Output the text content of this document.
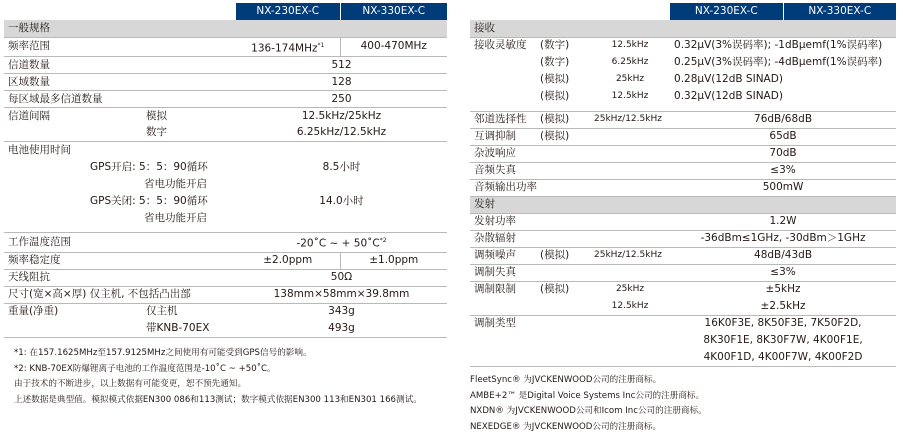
		NX-230EX-C	NX-330EX-C
一般规格			
频率范围		136-174MHz$^{*1}$	400-470MHz
信道数量		512	
区域数量		128	
每区域最多信道数量		250	
信道间隔	模拟	12.5kHz/25kHz	
	数字	6.25kHz/12.5kHz	
电池使用时间			
GPS开启: 5：5：90循环		8.5小时	
省电功能开启			
GPS关闭: 5：5：90循环		14.0小时	
省电功能开启			

工作温度范围		-20˚C ~ + $50˚C^{*2}$
频率稳定度		±2.0ppm	±1.0ppm
天线阻抗		50Ω	
尺寸(宽×高×厚) 仅主机, 不包括凸出部		138mm×58mm×39.8mm	
重量(净重)	仅主机	343g	
	带KNB-70EX	493g	
*1: 在157.1625MHz至157.9125MHz之间使用有可能受到GPS信号的影响。
*2: KNB-70EX防爆锂离子电池的工作温度范围是-10˚C ~ +50˚C。
由于技术的不断进步，以上数据有可能变更，恕不预先通知。
上述数据是典型值。模拟模式依据EN300 086和113测试；数字模式依据EN300 113和EN301 166测试。
			NX-230EX-C	NX-330EX-C
接收				
接收灵敏度	(数字)	12.5kHz	0.32μV(3%误码率); -1dBμemf(1%误码率)	
	(数字)	6.25kHz	0.25μV(3%误码率); -4dBμemf(1%误码率)	
	(模拟)	25kHz	0.28μV(12dB SINAD)	
	(模拟)	12.5kHz	0.32μV(12dB SINAD)	

邻道选择性	(模拟)	25kHz/12.5kHz	76dB/68dB	
互调抑制	(模拟)		65dB	
杂波响应			70dB	
音频失真			≤3%	
音频输出功率			500mW	
发射				
发射功率			1.2W	
杂散辐射			-36dBm≤1GHz, -30dBm＞1GHz	
调频噪声	(模拟)	25kHz/12.5kHz	48dB/43dB	
调制失真			≤3%	
调制限制	(模拟)	25kHz	±5kHz	
		12.5kHz	±2.5kHz	
调制类型			16K0F3E, 8K50F3E, 7K50F2D,	
			8K30F1E, 8K30F7W, 4K00F1E,	
			4K00F1D, 4K00F7W, 4K00F2D	
FleetSync® 为JVCKENWOOD公司的注册商标。
AMBE+2™ 是Digital Voice Systems Inc公司的注册商标。
NXDN® 为JVCKENWOOD公司和Icom Inc公司的注册商标。
NEXEDGE® 为JVCKENWOOD公司的注册商标。
